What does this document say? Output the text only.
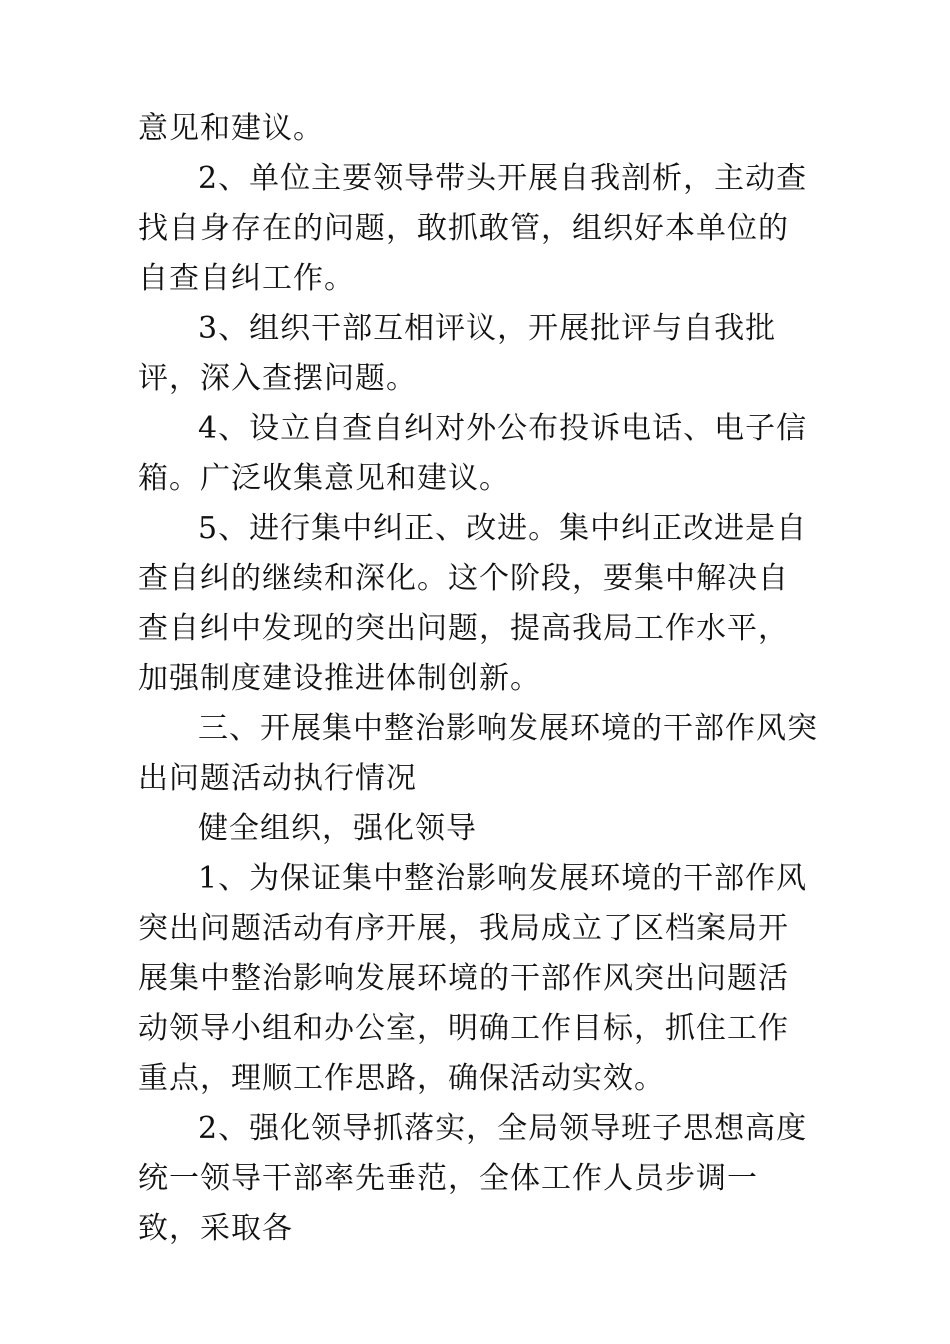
意见和建议。

2、单位主要领导带头开展自我剖析，主动查找自身存在的问题，敢抓敢管，组织好本单位的自查自纠工作。

3、组织干部互相评议，开展批评与自我批评，深入查摆问题。

4、设立自查自纠对外公布投诉电话、电子信箱。广泛收集意见和建议。

5、进行集中纠正、改进。集中纠正改进是自查自纠的继续和深化。这个阶段，要集中解决自查自纠中发现的突出问题，提高我局工作水平，加强制度建设推进体制创新。

三、开展集中整治影响发展环境的干部作风突出问题活动执行情况

健全组织，强化领导

1、为保证集中整治影响发展环境的干部作风突出问题活动有序开展，我局成立了区档案局开展集中整治影响发展环境的干部作风突出问题活动领导小组和办公室，明确工作目标，抓住工作重点，理顺工作思路，确保活动实效。

2、强化领导抓落实，全局领导班子思想高度统一领导干部率先垂范，全体工作人员步调一致，采取各
